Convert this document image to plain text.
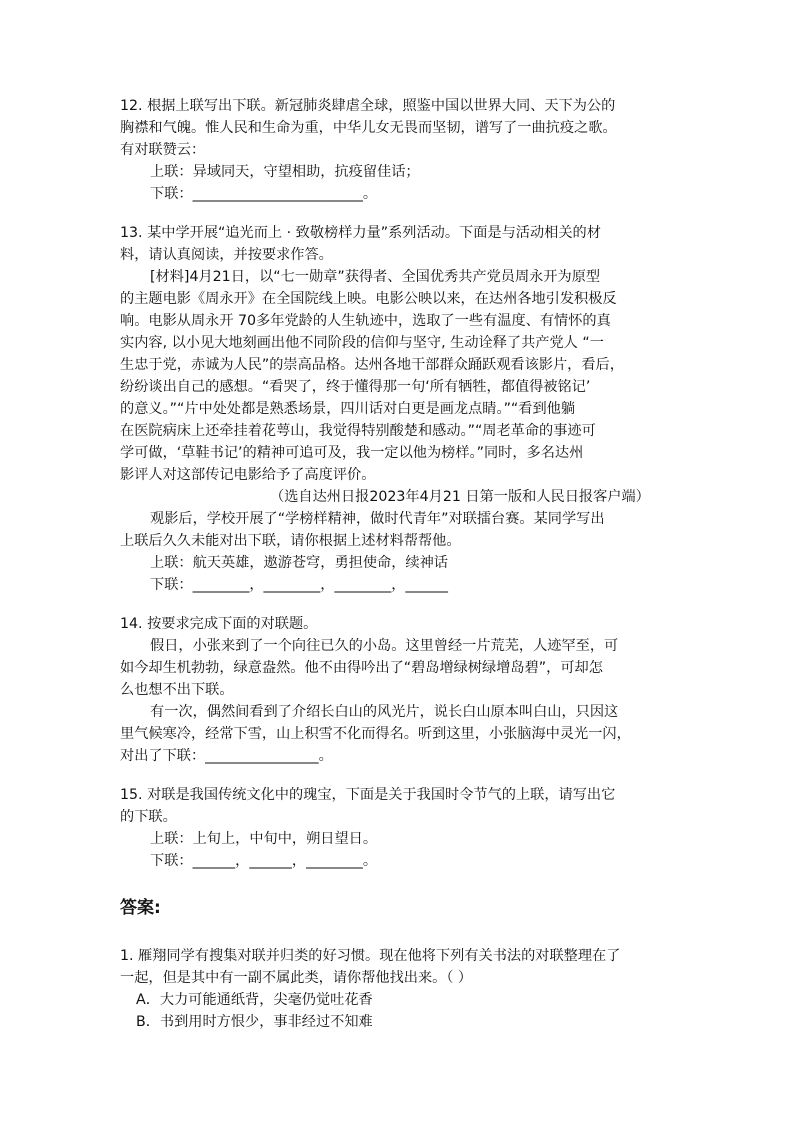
12. 根据上联写出下联。新冠肺炎肆虐全球，照鉴中国以世界大同、天下为公的
胸襟和气魄。惟人民和生命为重，中华儿女无畏而坚韧，谱写了一曲抗疫之歌。
有对联赞云：
上联：异域同天，守望相助，抗疫留佳话；
下联：________________________。
13. 某中学开展“追光而上 · 致敬榜样力量”系列活动。下面是与活动相关的材
料，请认真阅读，并按要求作答。
[材料]4月21日，以“七一勋章”获得者、全国优秀共产党员周永开为原型
的主题电影《周永开》在全国院线上映。电影公映以来，在达州各地引发积极反
响。电影从周永开 70多年党龄的人生轨迹中，选取了一些有温度、有情怀的真
实内容, 以小见大地刻画出他不同阶段的信仰与坚守, 生动诠释了共产党人 “一
生忠于党，赤诚为人民”的崇高品格。达州各地干部群众踊跃观看该影片，看后，
纷纷谈出自己的感想。“看哭了，终于懂得那一句‘所有牺牲，都值得被铭记’
的意义。”“片中处处都是熟悉场景，四川话对白更是画龙点睛。”“看到他躺
在医院病床上还牵挂着花萼山，我觉得特别酸楚和感动。”“周老革命的事迹可
学可做，‘草鞋书记’的精神可追可及，我一定以他为榜样。”同时，多名达州
影评人对这部传记电影给予了高度评价。
（选自达州日报2023年4月21 日第一版和人民日报客户端）
观影后，学校开展了“学榜样精神，做时代青年”对联擂台赛。某同学写出
上联后久久未能对出下联，请你根据上述材料帮帮他。
上联：航天英雄，遨游苍穹，勇担使命，续神话
下联：________，________，________，______
14. 按要求完成下面的对联题。
假日，小张来到了一个向往已久的小岛。这里曾经一片荒芜，人迹罕至，可
如今却生机勃勃，绿意盎然。他不由得吟出了“碧岛增绿树绿增岛碧”，可却怎
么也想不出下联。
有一次，偶然间看到了介绍长白山的风光片，说长白山原本叫白山，只因这
里气候寒冷，经常下雪，山上积雪不化而得名。听到这里，小张脑海中灵光一闪，
对出了下联：________________。
15. 对联是我国传统文化中的瑰宝，下面是关于我国时令节气的上联，请写出它
的下联。
上联：上旬上，中旬中，朔日望日。
下联：______，______，________。
答案:
1. 雁翔同学有搜集对联并归类的好习惯。现在他将下列有关书法的对联整理在了
一起，但是其中有一副不属此类，请你帮他找出来。（ ）
A．大力可能通纸背，尖毫仍觉吐花香
B．书到用时方恨少，事非经过不知难
